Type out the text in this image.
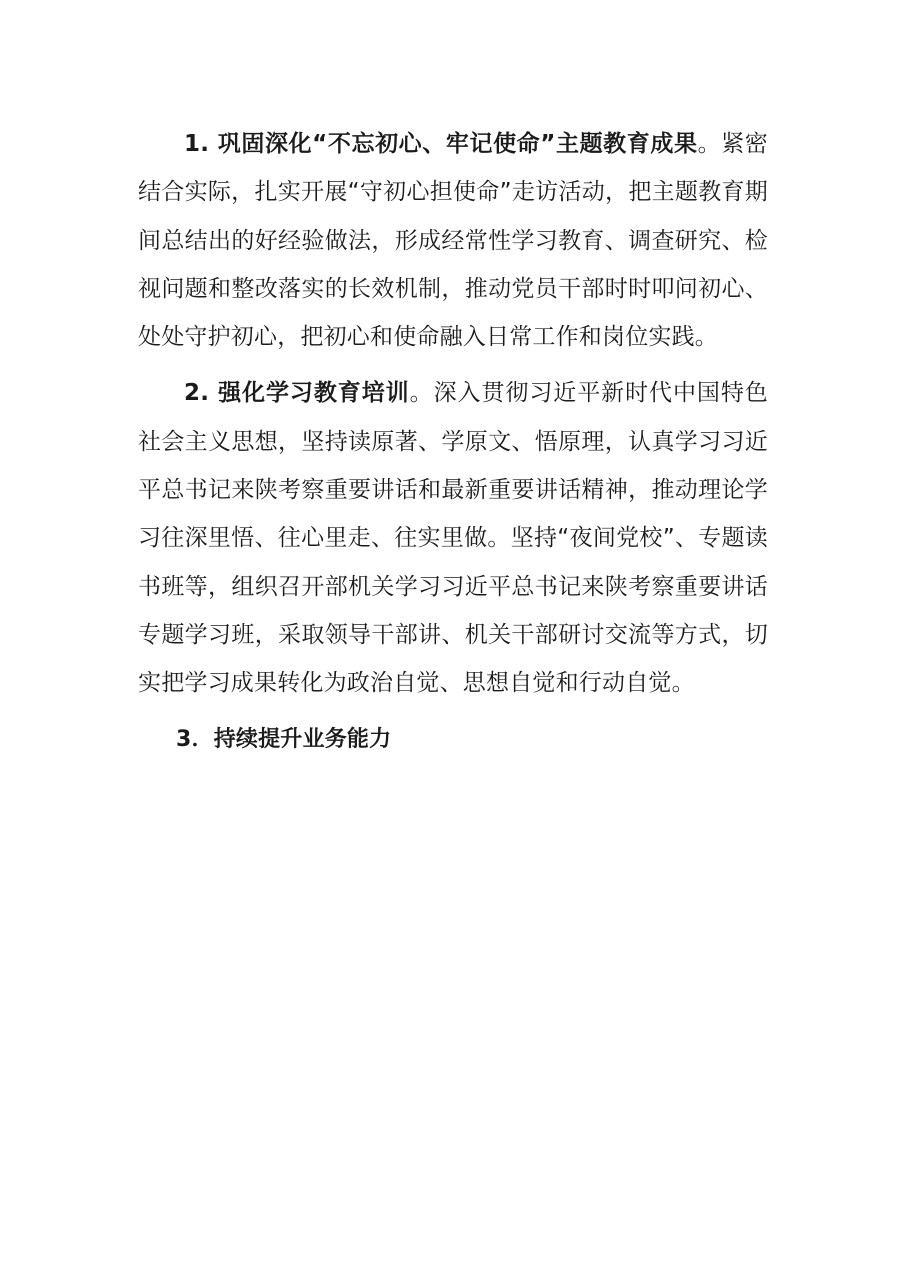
1. 巩固深化“不忘初心、牢记使命”主题教育成果。紧密结合实际，扎实开展“守初心担使命”走访活动，把主题教育期间总结出的好经验做法，形成经常性学习教育、调查研究、检视问题和整改落实的长效机制，推动党员干部时时叩问初心、处处守护初心，把初心和使命融入日常工作和岗位实践。

2. 强化学习教育培训。深入贯彻习近平新时代中国特色社会主义思想，坚持读原著、学原文、悟原理，认真学习习近平总书记来陕考察重要讲话和最新重要讲话精神，推动理论学习往深里悟、往心里走、往实里做。坚持“夜间党校”、专题读书班等，组织召开部机关学习习近平总书记来陕考察重要讲话专题学习班，采取领导干部讲、机关干部研讨交流等方式，切实把学习成果转化为政治自觉、思想自觉和行动自觉。

3．持续提升业务能力
